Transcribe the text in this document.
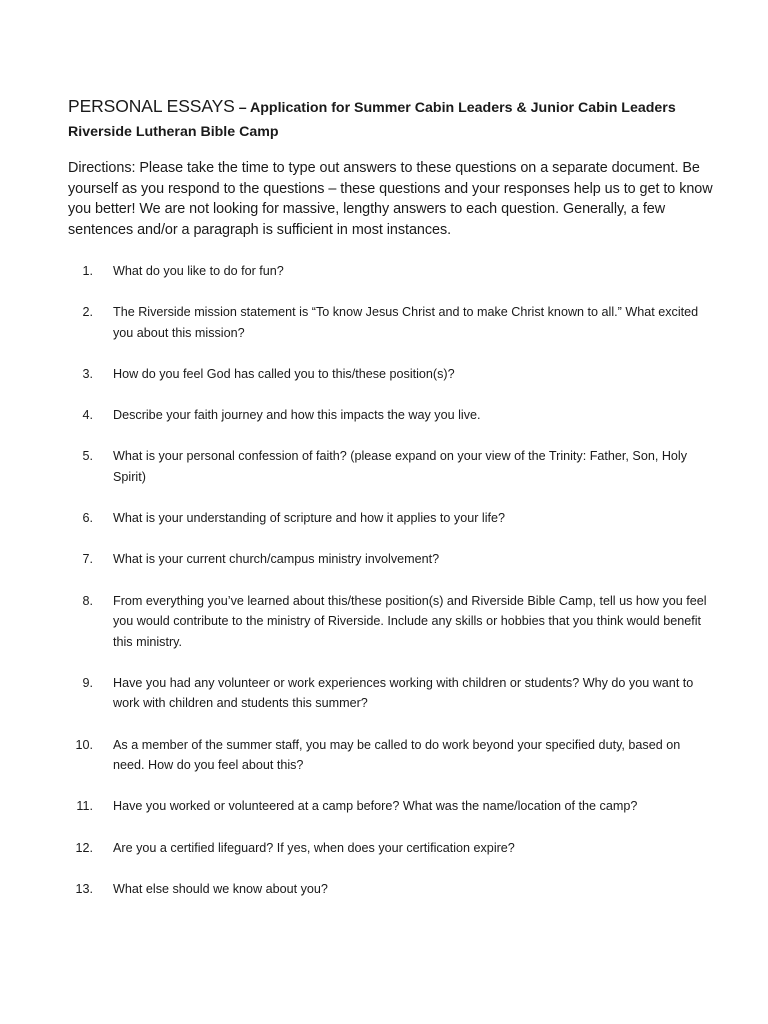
PERSONAL ESSAYS – Application for Summer Cabin Leaders & Junior Cabin Leaders
Riverside Lutheran Bible Camp
Directions: Please take the time to type out answers to these questions on a separate document. Be yourself as you respond to the questions – these questions and your responses help us to get to know you better! We are not looking for massive, lengthy answers to each question. Generally, a few sentences and/or a paragraph is sufficient in most instances.
1.	What do you like to do for fun?
2.	The Riverside mission statement is “To know Jesus Christ and to make Christ known to all.” What excited you about this mission?
3.	How do you feel God has called you to this/these position(s)?
4.	Describe your faith journey and how this impacts the way you live.
5.	What is your personal confession of faith? (please expand on your view of the Trinity: Father, Son, Holy Spirit)
6.	What is your understanding of scripture and how it applies to your life?
7.	What is your current church/campus ministry involvement?
8.	From everything you’ve learned about this/these position(s) and Riverside Bible Camp, tell us how you feel you would contribute to the ministry of Riverside. Include any skills or hobbies that you think would benefit this ministry.
9.	Have you had any volunteer or work experiences working with children or students? Why do you want to work with children and students this summer?
10.	As a member of the summer staff, you may be called to do work beyond your specified duty, based on need. How do you feel about this?
11.	Have you worked or volunteered at a camp before? What was the name/location of the camp?
12.	Are you a certified lifeguard? If yes, when does your certification expire?
13.	What else should we know about you?
